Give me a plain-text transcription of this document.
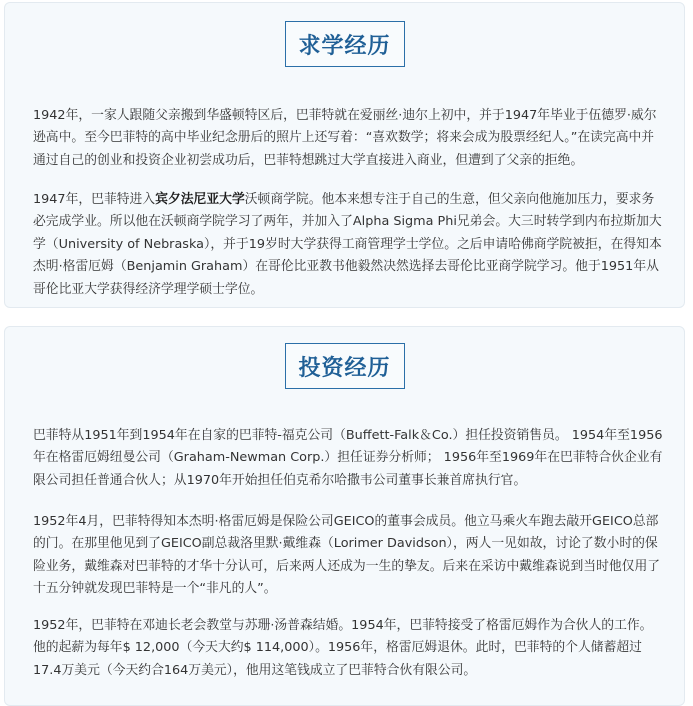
求学经历

1942年，一家人跟随父亲搬到华盛顿特区后，巴菲特就在爱丽丝·迪尔上初中，并于1947年毕业于伍德罗·威尔逊高中。至今巴菲特的高中毕业纪念册后的照片上还写着：“喜欢数学；将来会成为股票经纪人。”在读完高中并通过自己的创业和投资企业初尝成功后，巴菲特想跳过大学直接进入商业，但遭到了父亲的拒绝。

1947年，巴菲特进入宾夕法尼亚大学沃顿商学院。他本来想专注于自己的生意，但父亲向他施加压力，要求务必完成学业。所以他在沃顿商学院学习了两年，并加入了Alpha Sigma Phi兄弟会。大三时转学到内布拉斯加大学（University of Nebraska），并于19岁时大学获得工商管理学士学位。之后申请哈佛商学院被拒，在得知本杰明·格雷厄姆（Benjamin Graham）在哥伦比亚教书他毅然决然选择去哥伦比亚商学院学习。他于1951年从哥伦比亚大学获得经济学理学硕士学位。

投资经历

巴菲特从1951年到1954年在自家的巴菲特-福克公司（Buffett-Falk＆Co.）担任投资销售员。 1954年至1956年在格雷厄姆纽曼公司（Graham-Newman Corp.）担任证券分析师； 1956年至1969年在巴菲特合伙企业有限公司担任普通合伙人；从1970年开始担任伯克希尔哈撒韦公司董事长兼首席执行官。

1952年4月，巴菲特得知本杰明·格雷厄姆是保险公司GEICO的董事会成员。他立马乘火车跑去敲开GEICO总部的门。在那里他见到了GEICO副总裁洛里默·戴维森（Lorimer Davidson），两人一见如故，讨论了数小时的保险业务，戴维森对巴菲特的才华十分认可，后来两人还成为一生的挚友。后来在采访中戴维森说到当时他仅用了十五分钟就发现巴菲特是一个“非凡的人”。

1952年，巴菲特在邓迪长老会教堂与苏珊·汤普森结婚。1954年，巴菲特接受了格雷厄姆作为合伙人的工作。他的起薪为每年$ 12,000（今天大约$ 114,000）。1956年，格雷厄姆退休。此时，巴菲特的个人储蓄超过17.4万美元（今天约合164万美元），他用这笔钱成立了巴菲特合伙有限公司。
